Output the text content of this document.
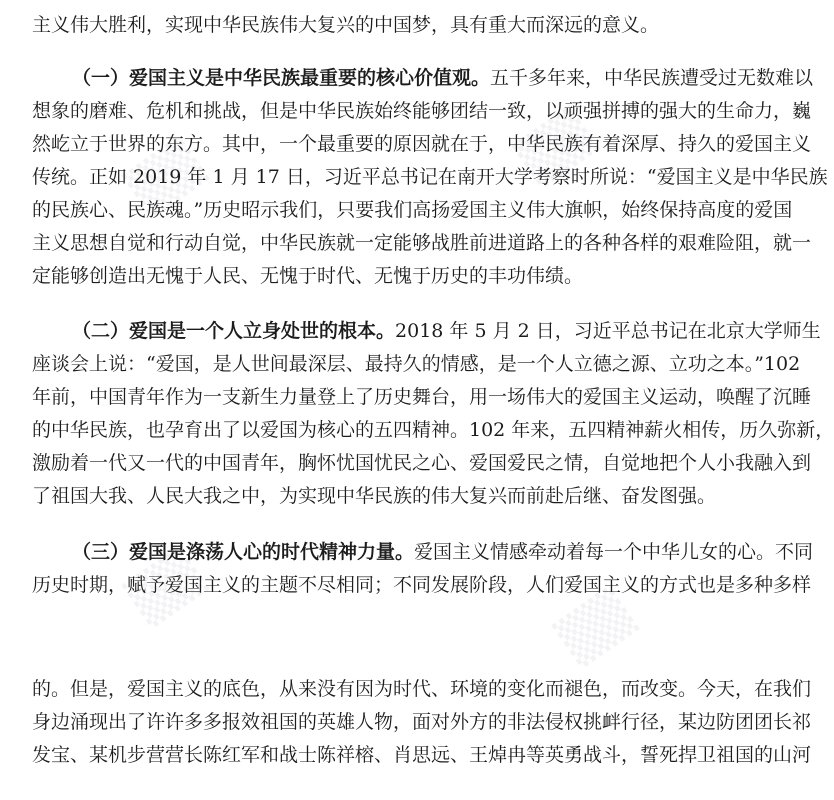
▒▒	▒▒
▒▒	▒▒
主义伟大胜利，实现中华民族伟大复兴的中国梦，具有重大而深远的意义。
（一）爱国主义是中华民族最重要的核心价值观。五千多年来，中华民族遭受过无数难以
想象的磨难、危机和挑战，但是中华民族始终能够团结一致，以顽强拼搏的强大的生命力，巍
然屹立于世界的东方。其中，一个最重要的原因就在于，中华民族有着深厚、持久的爱国主义
传统。正如 2019 年 1 月 17 日，习近平总书记在南开大学考察时所说：“爱国主义是中华民族
的民族心、民族魂。”历史昭示我们，只要我们高扬爱国主义伟大旗帜，始终保持高度的爱国
主义思想自觉和行动自觉，中华民族就一定能够战胜前进道路上的各种各样的艰难险阻，就一
定能够创造出无愧于人民、无愧于时代、无愧于历史的丰功伟绩。
（二）爱国是一个人立身处世的根本。2018 年 5 月 2 日，习近平总书记在北京大学师生
座谈会上说：“爱国，是人世间最深层、最持久的情感，是一个人立德之源、立功之本。”102
年前，中国青年作为一支新生力量登上了历史舞台，用一场伟大的爱国主义运动，唤醒了沉睡
的中华民族，也孕育出了以爱国为核心的五四精神。102 年来，五四精神薪火相传，历久弥新，
激励着一代又一代的中国青年，胸怀忧国忧民之心、爱国爱民之情，自觉地把个人小我融入到
了祖国大我、人民大我之中，为实现中华民族的伟大复兴而前赴后继、奋发图强。
（三）爱国是涤荡人心的时代精神力量。爱国主义情感牵动着每一个中华儿女的心。不同
历史时期，赋予爱国主义的主题不尽相同；不同发展阶段，人们爱国主义的方式也是多种多样
的。但是，爱国主义的底色，从来没有因为时代、环境的变化而褪色，而改变。今天，在我们
身边涌现出了许许多多报效祖国的英雄人物，面对外方的非法侵权挑衅行径，某边防团团长祁
发宝、某机步营营长陈红军和战士陈祥榕、肖思远、王焯冉等英勇战斗，誓死捍卫祖国的山河
